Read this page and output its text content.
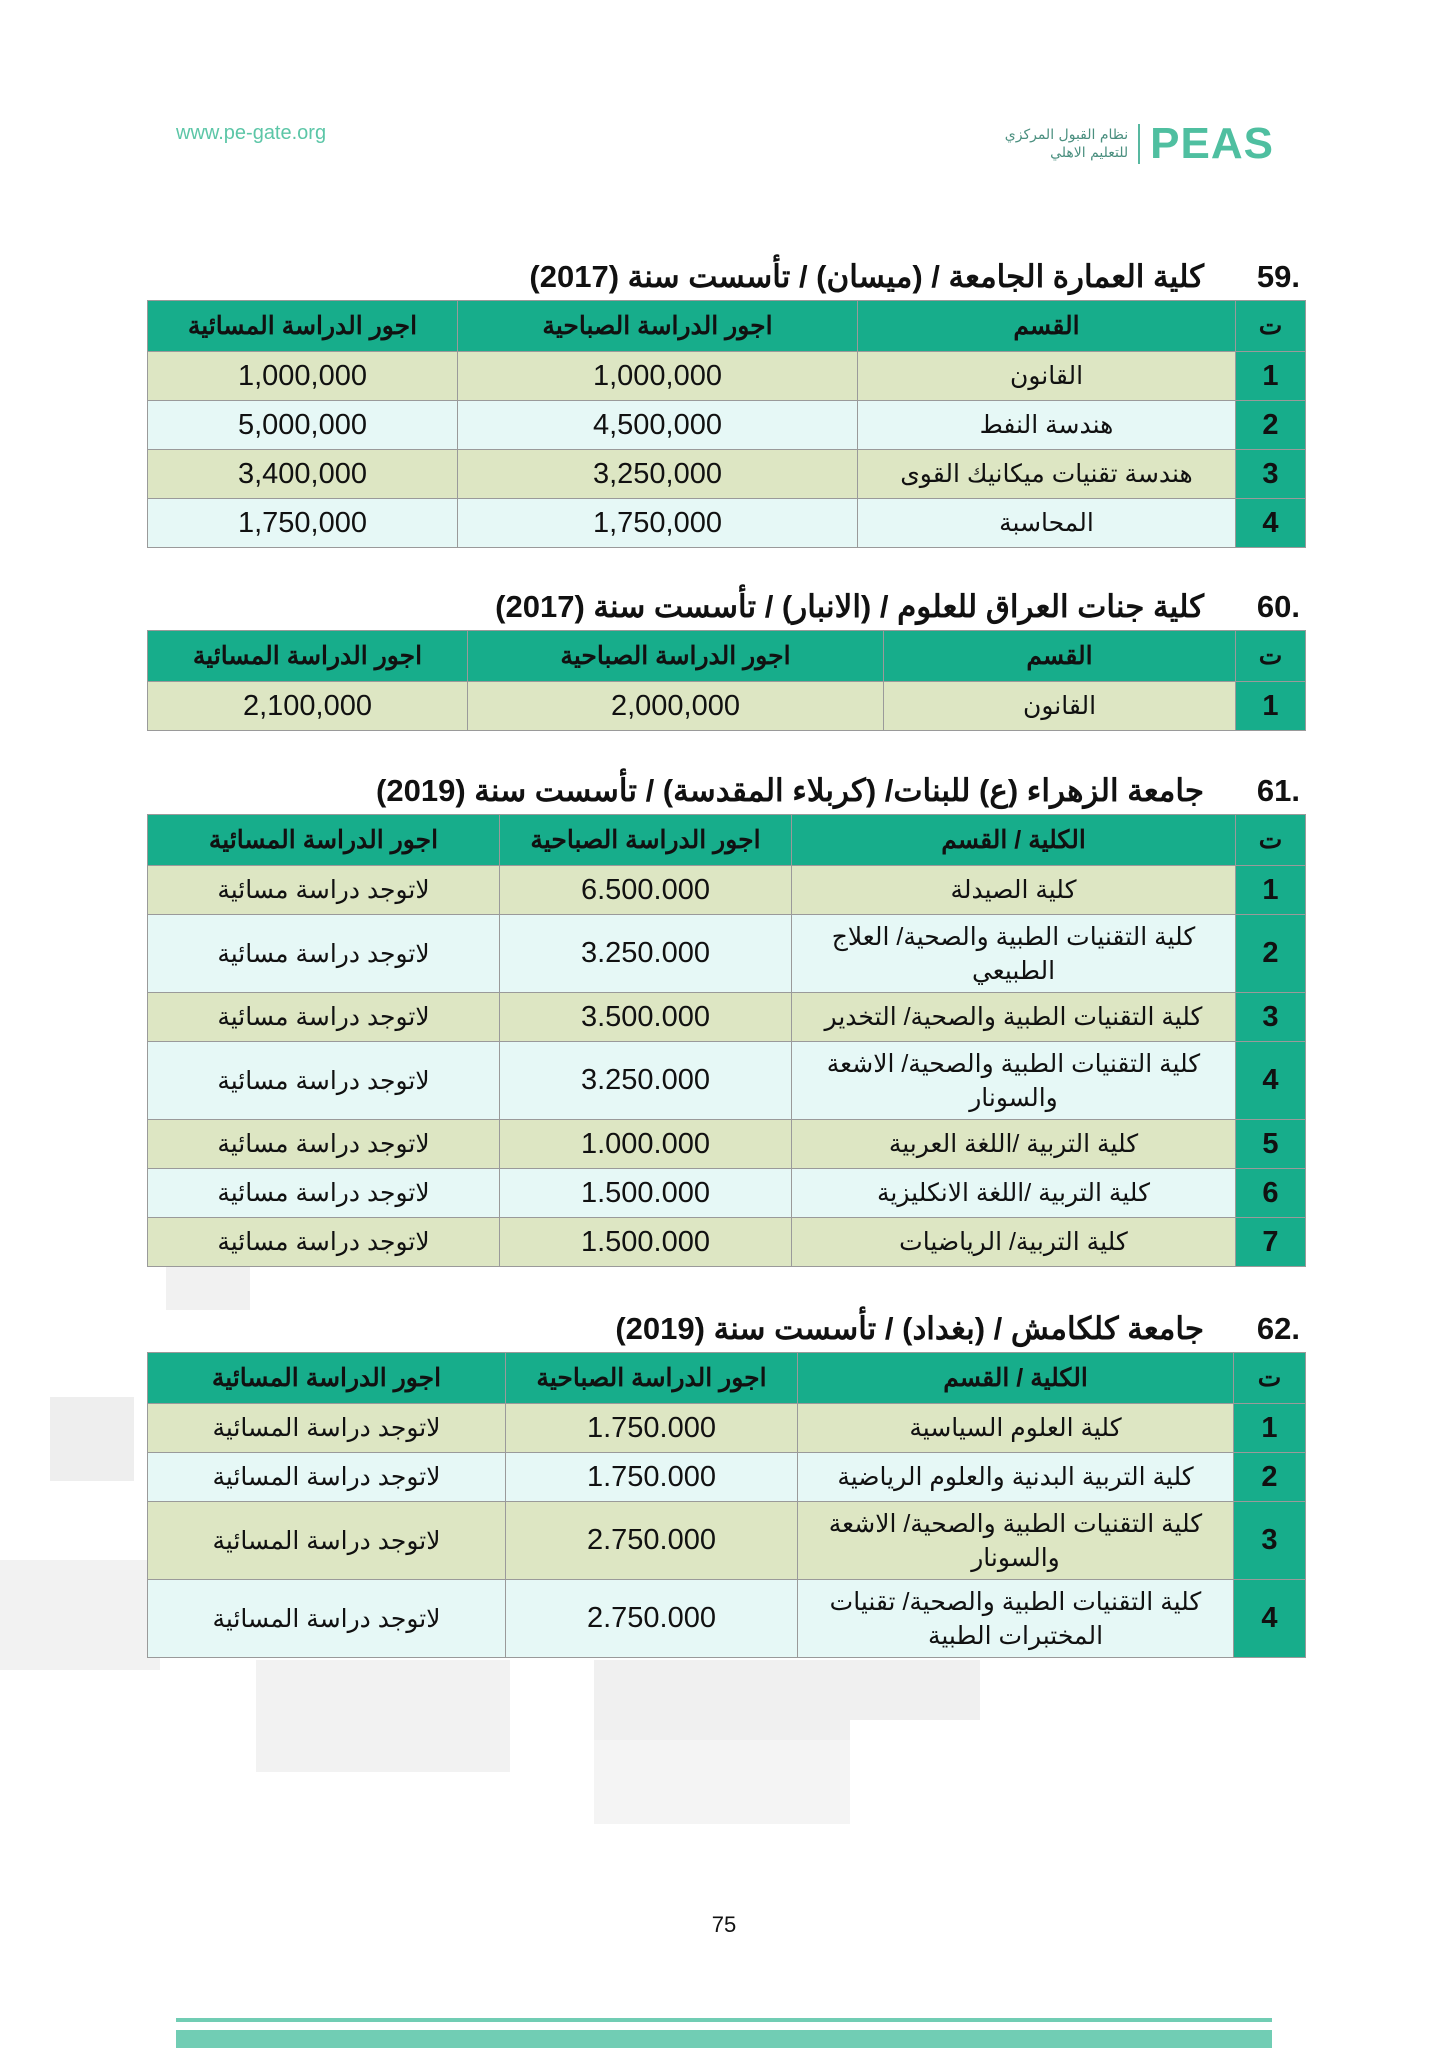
www.pe-gate.org	نظام القبول المركزي
للتعليم الاهلي PEAS
59.
كلية العمارة الجامعة / (ميسان) / تأسست سنة (2017)
ت	القسم	اجور الدراسة الصباحية	اجور الدراسة المسائية
1	القانون	1,000,000	1,000,000
2	هندسة النفط	4,500,000	5,000,000
3	هندسة تقنيات ميكانيك القوى	3,250,000	3,400,000
4	المحاسبة	1,750,000	1,750,000
60.
كلية جنات العراق للعلوم / (الانبار) / تأسست سنة (2017)
ت	القسم	اجور الدراسة الصباحية	اجور الدراسة المسائية
1	القانون	2,000,000	2,100,000
61.
جامعة الزهراء (ع) للبنات/ (كربلاء المقدسة) / تأسست سنة (2019)
ت	الكلية / القسم	اجور الدراسة الصباحية	اجور الدراسة المسائية
1	كلية الصيدلة	6.500.000	لاتوجد دراسة مسائية
2	كلية التقنيات الطبية والصحية/ العلاج الطبيعي	3.250.000	لاتوجد دراسة مسائية
3	كلية التقنيات الطبية والصحية/ التخدير	3.500.000	لاتوجد دراسة مسائية
4	كلية التقنيات الطبية والصحية/ الاشعة والسونار	3.250.000	لاتوجد دراسة مسائية
5	كلية التربية /اللغة العربية	1.000.000	لاتوجد دراسة مسائية
6	كلية التربية /اللغة الانكليزية	1.500.000	لاتوجد دراسة مسائية
7	كلية التربية/ الرياضيات	1.500.000	لاتوجد دراسة مسائية
62.
جامعة كلكامش / (بغداد) / تأسست سنة (2019)
ت	الكلية / القسم	اجور الدراسة الصباحية	اجور الدراسة المسائية
1	كلية العلوم السياسية	1.750.000	لاتوجد دراسة المسائية
2	كلية التربية البدنية والعلوم الرياضية	1.750.000	لاتوجد دراسة المسائية
3	كلية التقنيات الطبية والصحية/ الاشعة والسونار	2.750.000	لاتوجد دراسة المسائية
4	كلية التقنيات الطبية والصحية/ تقنيات المختبرات الطبية	2.750.000	لاتوجد دراسة المسائية
75
